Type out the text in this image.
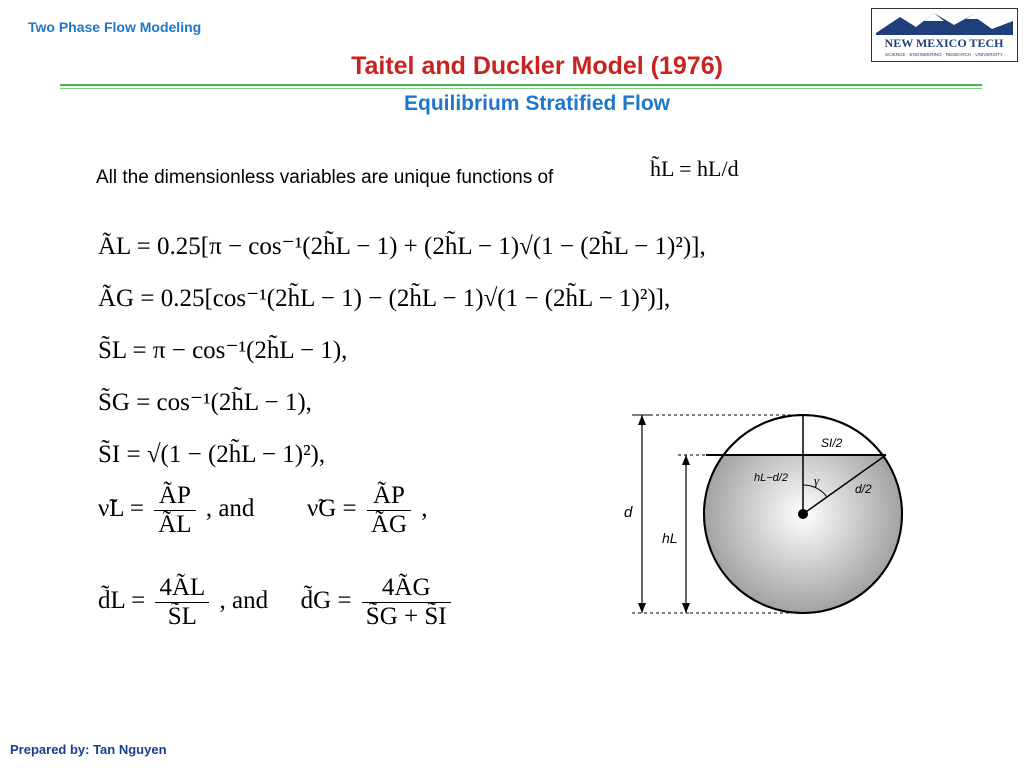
Two Phase Flow Modeling
NEW MEXICO TECH
SCIENCE · ENGINEERING · RESEARCH · UNIVERSITY
Taitel and Duckler Model (1976)
Equilibrium Stratified Flow
All the dimensionless variables are unique functions of	h̃L = hL/d
ÃL = 0.25[π − cos⁻¹(2h̃L − 1) + (2h̃L − 1)√(1 − (2h̃L − 1)²)],
ÃG = 0.25[cos⁻¹(2h̃L − 1) − (2h̃L − 1)√(1 − (2h̃L − 1)²)],
S̃L = π − cos⁻¹(2h̃L − 1),
S̃G = cos⁻¹(2h̃L − 1),
S̃I = √(1 − (2h̃L − 1)²),
ν̃L = $\frac{ÃP}{ÃL}$ , and ν̃G = $\frac{ÃP}{ÃG}$ ,
d̃L = $\frac{4ÃL}{S̃L}$ , and d̃G = $\frac{4ÃG}{S̃G + S̃I}$
d
hL
SI/2
hL−d/2
d/2
γ
Prepared by: Tan Nguyen
